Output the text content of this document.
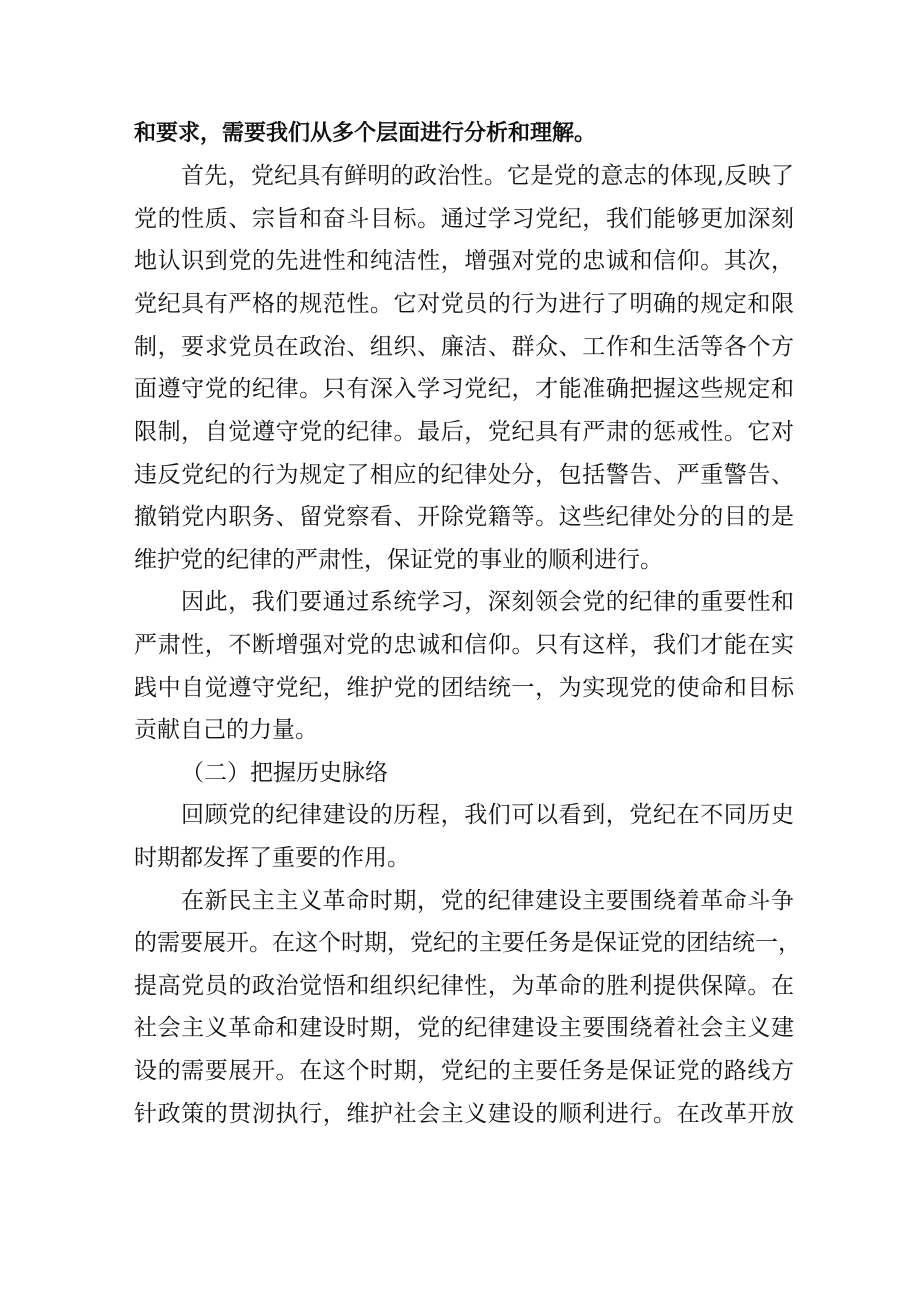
和要求，需要我们从多个层面进行分析和理解。

首先，党纪具有鲜明的政治性。它是党的意志的体现,反映了

党的性质、宗旨和奋斗目标。通过学习党纪，我们能够更加深刻

地认识到党的先进性和纯洁性，增强对党的忠诚和信仰。其次，

党纪具有严格的规范性。它对党员的行为进行了明确的规定和限

制，要求党员在政治、组织、廉洁、群众、工作和生活等各个方

面遵守党的纪律。只有深入学习党纪，才能准确把握这些规定和

限制，自觉遵守党的纪律。最后，党纪具有严肃的惩戒性。它对

违反党纪的行为规定了相应的纪律处分，包括警告、严重警告、

撤销党内职务、留党察看、开除党籍等。这些纪律处分的目的是

维护党的纪律的严肃性，保证党的事业的顺利进行。

因此，我们要通过系统学习，深刻领会党的纪律的重要性和

严肃性，不断增强对党的忠诚和信仰。只有这样，我们才能在实

践中自觉遵守党纪，维护党的团结统一，为实现党的使命和目标

贡献自己的力量。

（二）把握历史脉络

回顾党的纪律建设的历程，我们可以看到，党纪在不同历史

时期都发挥了重要的作用。

在新民主主义革命时期，党的纪律建设主要围绕着革命斗争

的需要展开。在这个时期，党纪的主要任务是保证党的团结统一，

提高党员的政治觉悟和组织纪律性，为革命的胜利提供保障。在

社会主义革命和建设时期，党的纪律建设主要围绕着社会主义建

设的需要展开。在这个时期，党纪的主要任务是保证党的路线方

针政策的贯沏执行，维护社会主义建设的顺利进行。在改革开放
